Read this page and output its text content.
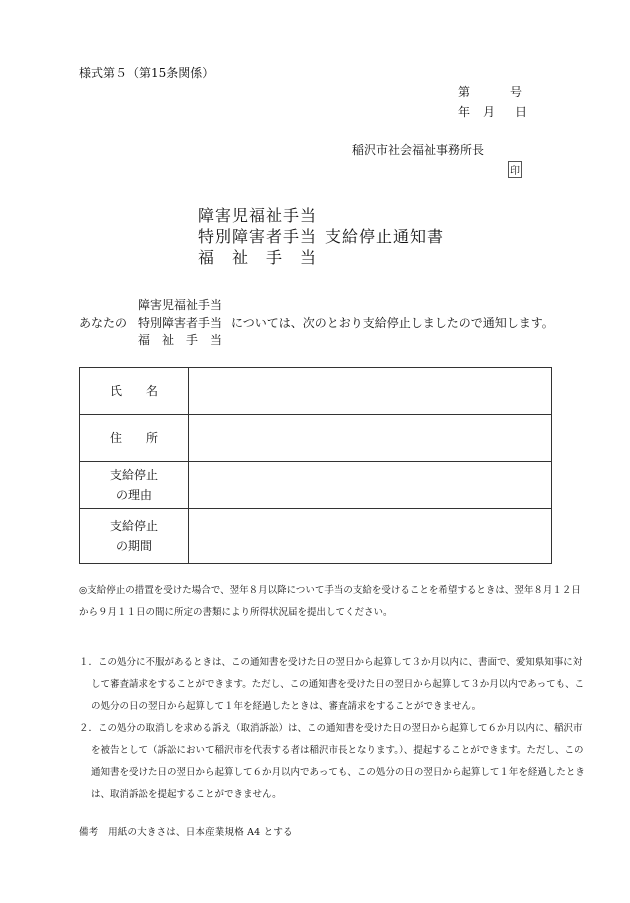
様式第５（第15条関係）
第	号
年 月 日
稲沢市社会福祉事務所長
印
障害児福祉手当
特別障害者手当
福　祉　手　当
支給停止通知書
あなたの
障害児福祉手当
特別障害者手当
福　祉　手　当
については、次のとおり支給停止しましたので通知します。
氏　　名	
住　　所	
支給停止
の理由	
支給停止
の期間	
◎支給停止の措置を受けた場合で、翌年８月以降について手当の支給を受けることを希望するときは、翌年８月１２日
から９月１１日の間に所定の書類により所得状況届を提出してください。
１．この処分に不服があるときは、この通知書を受けた日の翌日から起算して３か月以内に、書面で、愛知県知事に対
して審査請求をすることができます。ただし、この通知書を受けた日の翌日から起算して３か月以内であっても、こ
の処分の日の翌日から起算して１年を経過したときは、審査請求をすることができません。
２．この処分の取消しを求める訴え（取消訴訟）は、この通知書を受けた日の翌日から起算して６か月以内に、稲沢市
を被告として（訴訟において稲沢市を代表する者は稲沢市長となります。）、提起することができます。ただし、この
通知書を受けた日の翌日から起算して６か月以内であっても、この処分の日の翌日から起算して１年を経過したとき
は、取消訴訟を提起することができません。
備考　用紙の大きさは、日本産業規格 A4 とする
